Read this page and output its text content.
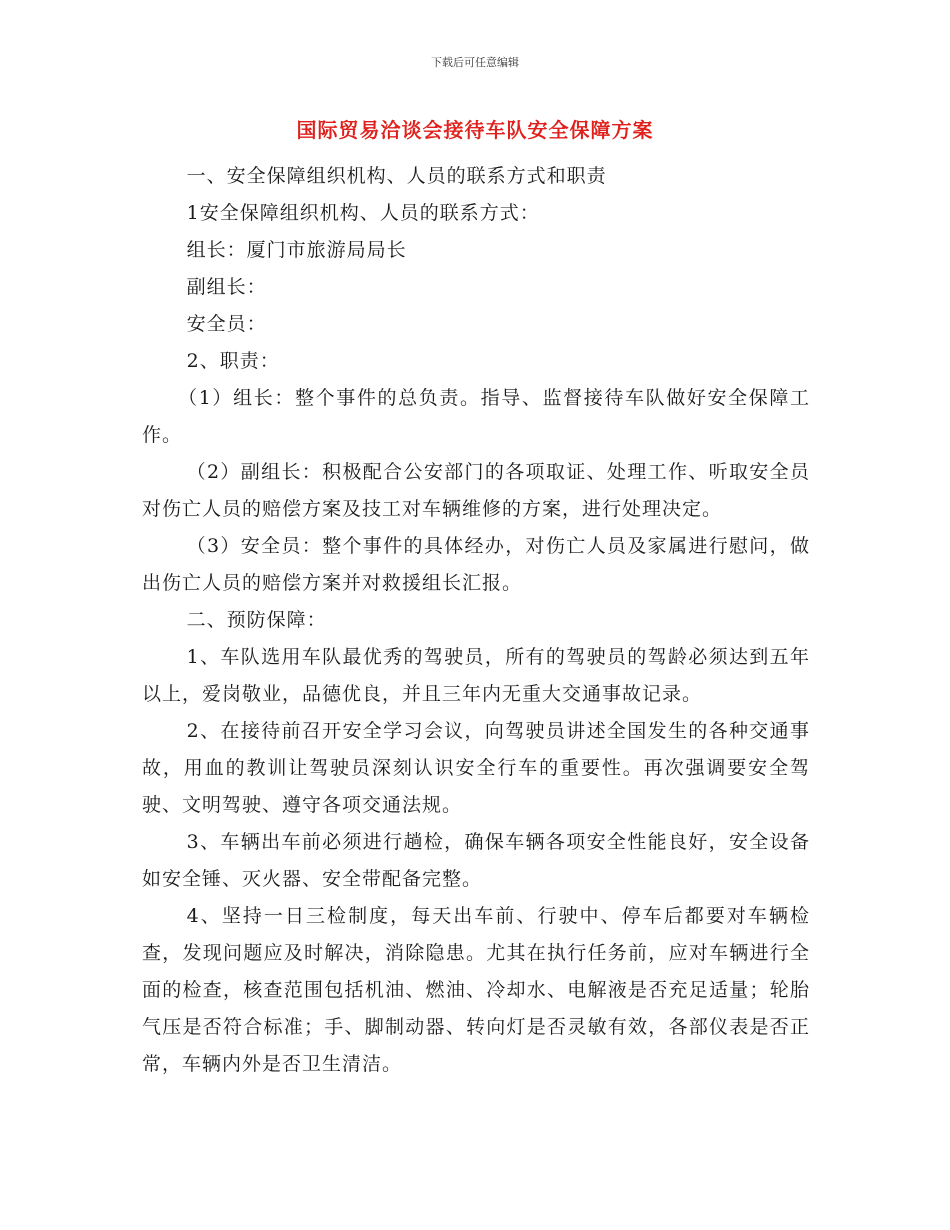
下载后可任意编辑
国际贸易洽谈会接待车队安全保障方案

一、安全保障组织机构、人员的联系方式和职责

1安全保障组织机构、人员的联系方式：

组长：厦门市旅游局局长

副组长：

安全员：

2、职责：

（1）组长：整个事件的总负责。指导、监督接待车队做好安全保障工作。

（2）副组长：积极配合公安部门的各项取证、处理工作、听取安全员对伤亡人员的赔偿方案及技工对车辆维修的方案，进行处理决定。

（3）安全员：整个事件的具体经办，对伤亡人员及家属进行慰问，做出伤亡人员的赔偿方案并对救援组长汇报。

二、预防保障：

1、车队选用车队最优秀的驾驶员，所有的驾驶员的驾龄必须达到五年以上，爱岗敬业，品德优良，并且三年内无重大交通事故记录。

2、在接待前召开安全学习会议，向驾驶员讲述全国发生的各种交通事故，用血的教训让驾驶员深刻认识安全行车的重要性。再次强调要安全驾驶、文明驾驶、遵守各项交通法规。

3、车辆出车前必须进行趟检，确保车辆各项安全性能良好，安全设备如安全锤、灭火器、安全带配备完整。

4、坚持一日三检制度，每天出车前、行驶中、停车后都要对车辆检查，发现问题应及时解决，消除隐患。尤其在执行任务前，应对车辆进行全面的检查，核查范围包括机油、燃油、冷却水、电解液是否充足适量；轮胎气压是否符合标准；手、脚制动器、转向灯是否灵敏有效，各部仪表是否正常，车辆内外是否卫生清洁。
